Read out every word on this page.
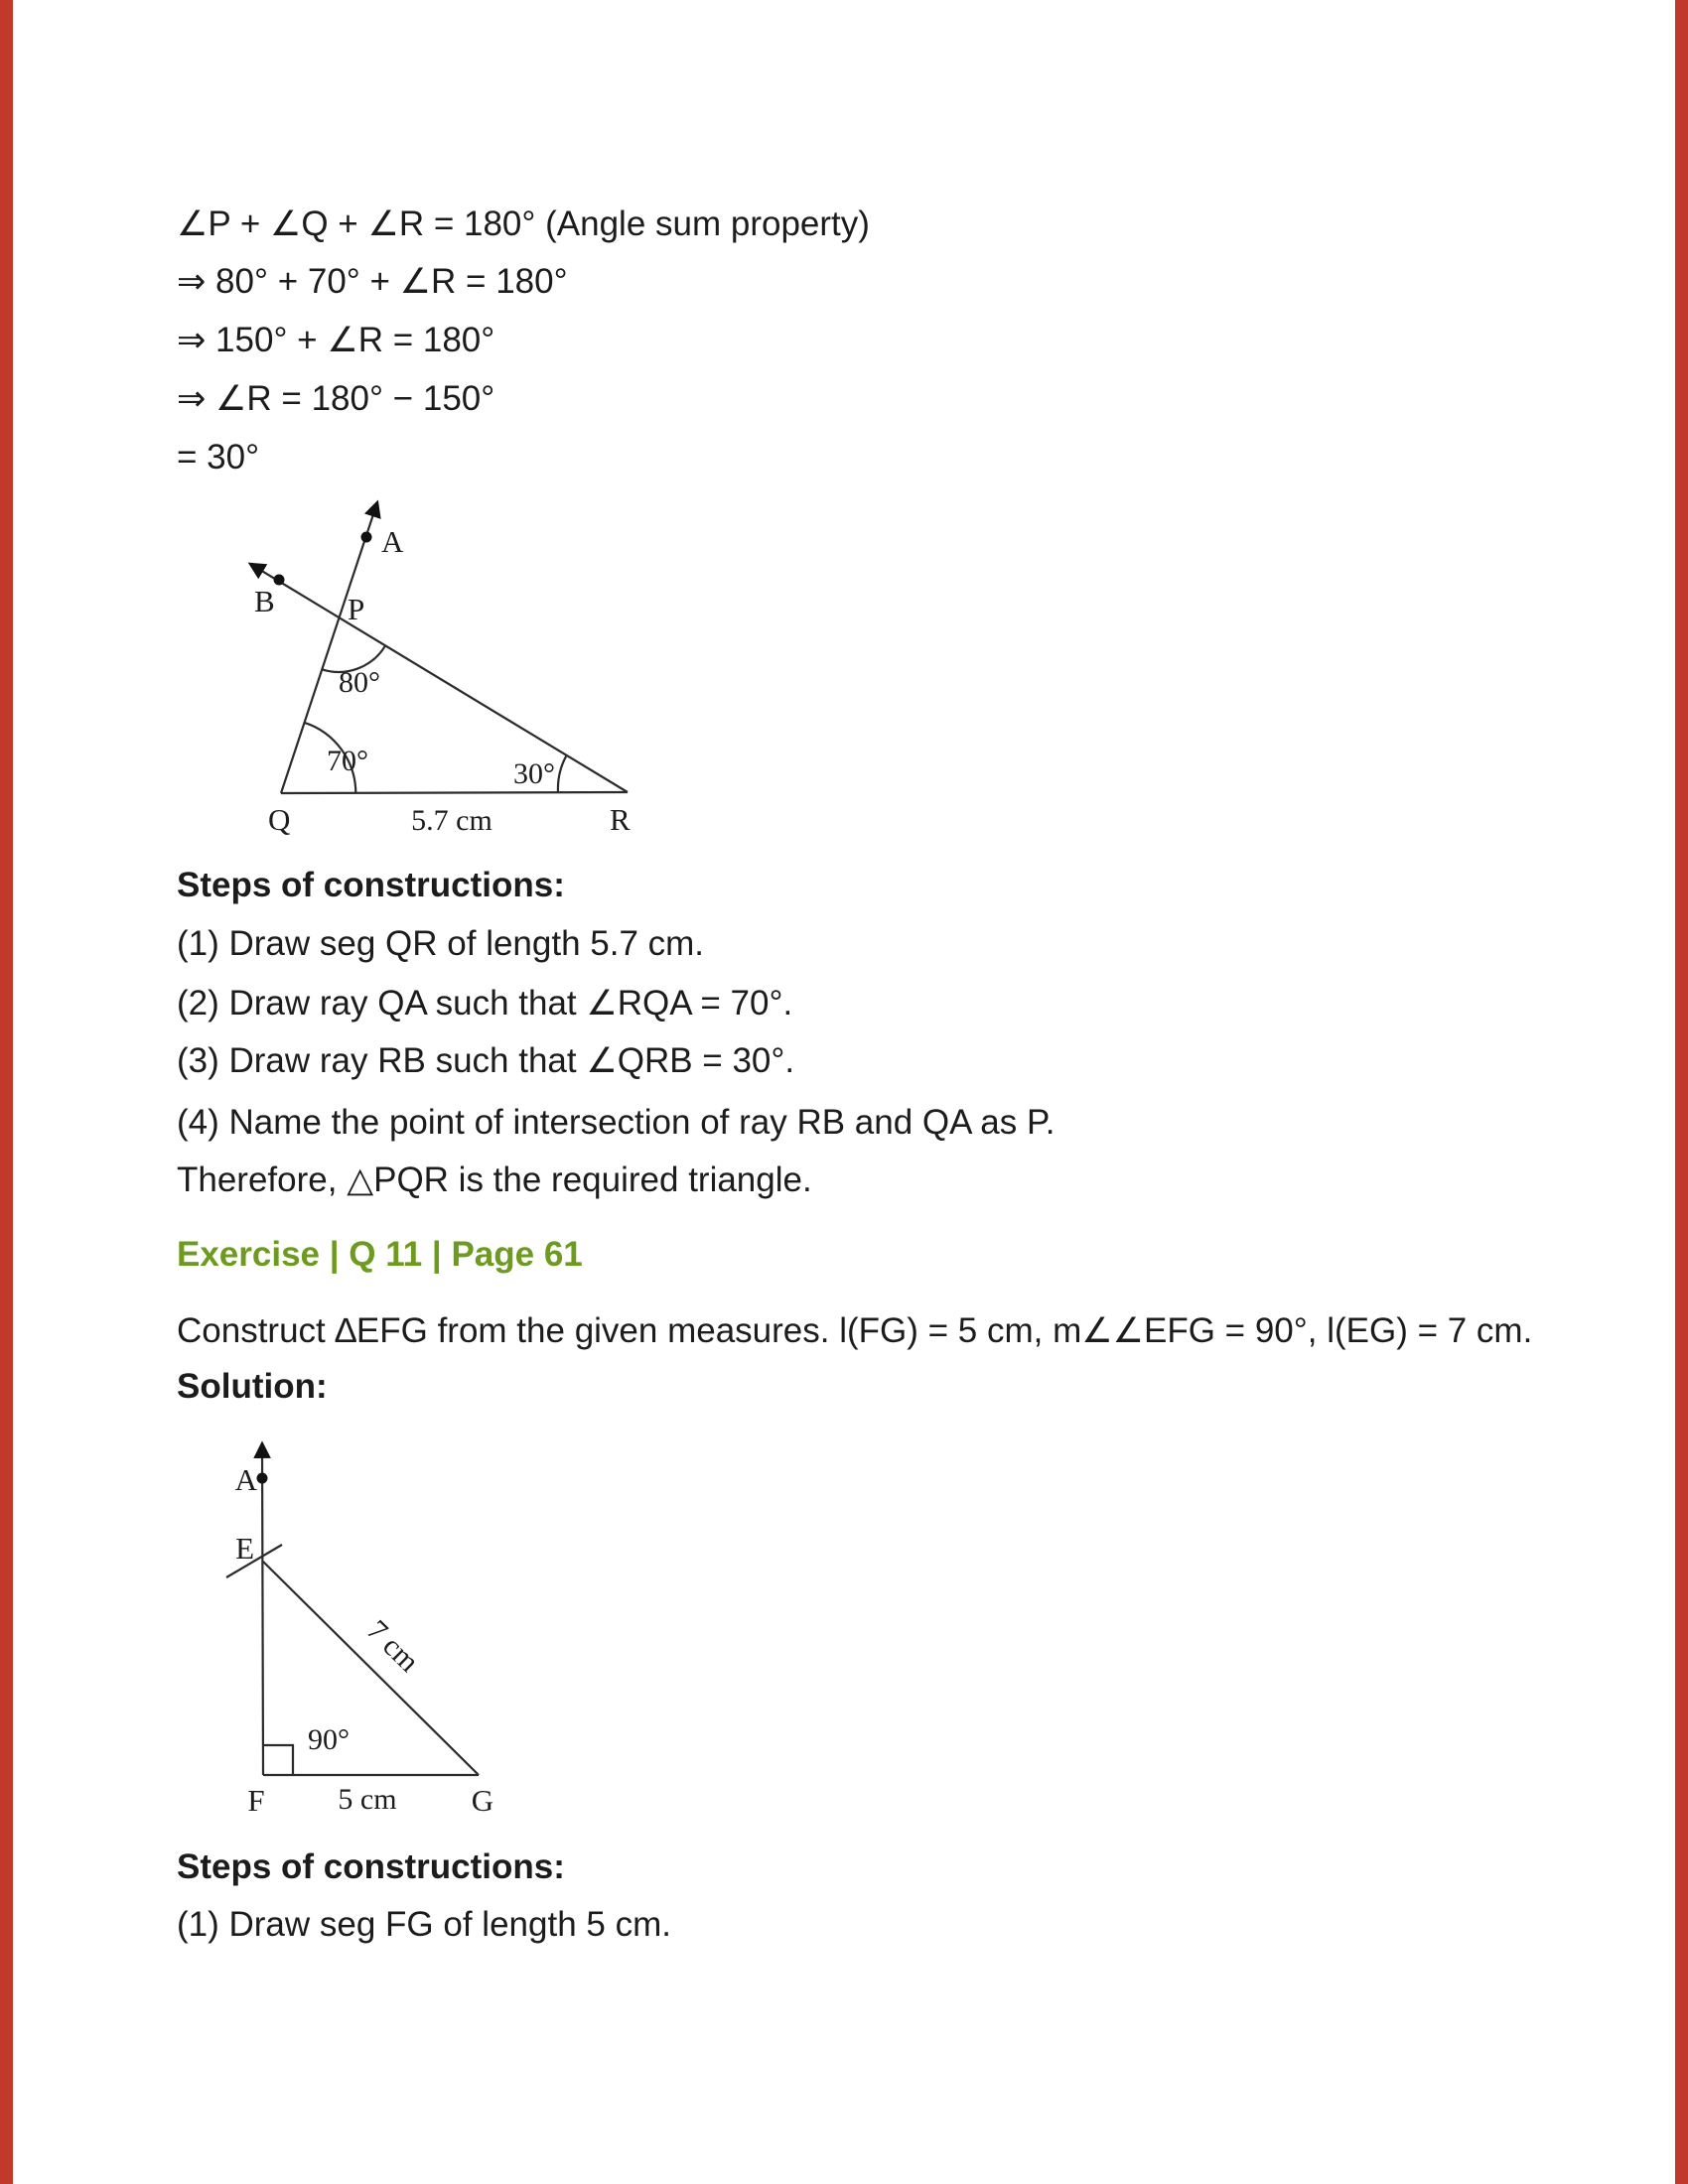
∠P + ∠Q + ∠R = 180° (Angle sum property)
⇒ 80° + 70° + ∠R = 180°
⇒ 150° + ∠R = 180°
⇒ ∠R = 180° − 150°
= 30°
A
B P
Q	R
80°
70°	30°
5.7 cm
Steps of constructions:
(1) Draw seg QR of length 5.7 cm.
(2) Draw ray QA such that ∠RQA = 70°.
(3) Draw ray RB such that ∠QRB = 30°.
(4) Name the point of intersection of ray RB and QA as P.
Therefore, △PQR is the required triangle.
Exercise | Q 11 | Page 61
Construct ∆EFG from the given measures. l(FG) = 5 cm, m∠∠EFG = 90°, l(EG) = 7 cm.
Solution:
A
E
F	G
90°
7 cm
5 cm
Steps of constructions:
(1) Draw seg FG of length 5 cm.
